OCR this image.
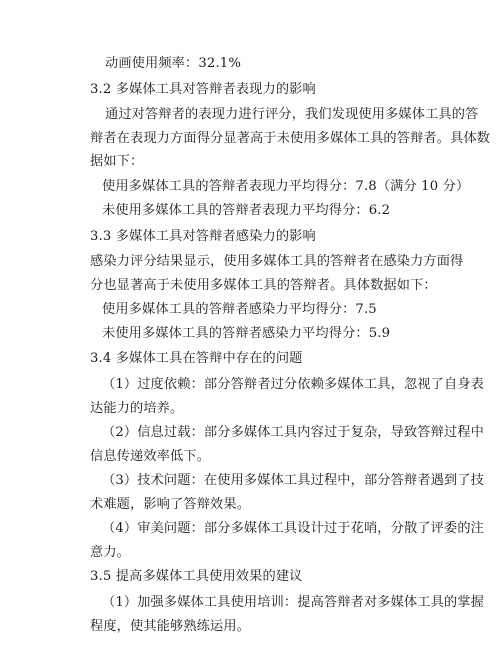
动画使用频率：32.1%
3.2 多媒体工具对答辩者表现力的影响
通过对答辩者的表现力进行评分，我们发现使用多媒体工具的答
辩者在表现力方面得分显著高于未使用多媒体工具的答辩者。具体数
据如下：
使用多媒体工具的答辩者表现力平均得分：7.8（满分 10 分）
未使用多媒体工具的答辩者表现力平均得分：6.2
3.3 多媒体工具对答辩者感染力的影响
感染力评分结果显示，使用多媒体工具的答辩者在感染力方面得
分也显著高于未使用多媒体工具的答辩者。具体数据如下：
使用多媒体工具的答辩者感染力平均得分：7.5
未使用多媒体工具的答辩者感染力平均得分：5.9
3.4 多媒体工具在答辩中存在的问题
（1）过度依赖：部分答辩者过分依赖多媒体工具，忽视了自身表
达能力的培养。
（2）信息过载：部分多媒体工具内容过于复杂，导致答辩过程中
信息传递效率低下。
（3）技术问题：在使用多媒体工具过程中，部分答辩者遇到了技
术难题，影响了答辩效果。
（4）审美问题：部分多媒体工具设计过于花哨，分散了评委的注
意力。
3.5 提高多媒体工具使用效果的建议
（1）加强多媒体工具使用培训：提高答辩者对多媒体工具的掌握
程度，使其能够熟练运用。
